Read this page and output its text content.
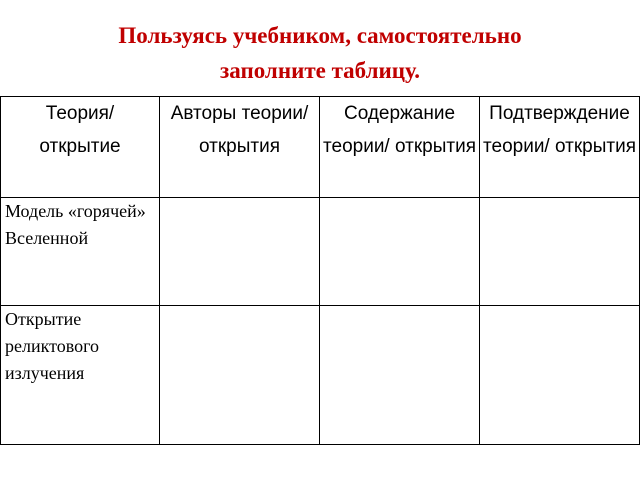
Пользуясь учебником, самостоятельно
заполните таблицу.
Теория/ открытие	Авторы теории/ открытия	Содержание теории/ открытия	Подтверждение теории/ открытия

Модель «горячей» Вселенной			
Открытие реликтового излучения			
